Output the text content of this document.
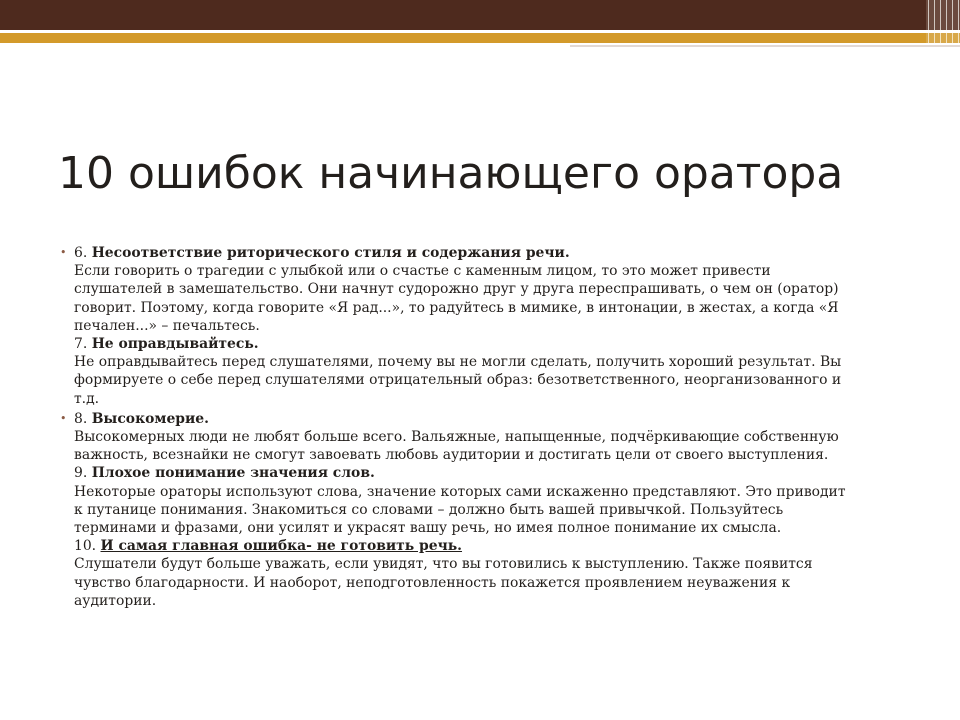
10 ошибок начинающего оратора
• 6. Несоответствие риторического стиля и содержания речи.
Если говорить о трагедии с улыбкой или о счастье с каменным лицом, то это может привести
слушателей в замешательство. Они начнут судорожно друг у друга переспрашивать, о чем он (оратор)
говорит. Поэтому, когда говорите «Я рад...», то радуйтесь в мимике, в интонации, в жестах, а когда «Я
печален...» – печальтесь.
7. Не оправдывайтесь.
Не оправдывайтесь перед слушателями, почему вы не могли сделать, получить хороший результат. Вы
формируете о себе перед слушателями отрицательный образ: безответственного, неорганизованного и
т.д.
• 8. Высокомерие.
Высокомерных люди не любят больше всего. Вальяжные, напыщенные, подчёркивающие собственную
важность, всезнайки не смогут завоевать любовь аудитории и достигать цели от своего выступления.
9. Плохое понимание значения слов.
Некоторые ораторы используют слова, значение которых сами искаженно представляют. Это приводит
к путанице понимания. Знакомиться со словами – должно быть вашей привычкой. Пользуйтесь
терминами и фразами, они усилят и украсят вашу речь, но имея полное понимание их смысла.
10. И самая главная ошибка- не готовить речь.
Слушатели будут больше уважать, если увидят, что вы готовились к выступлению. Также появится
чувство благодарности. И наоборот, неподготовленность покажется проявлением неуважения к
аудитории.
